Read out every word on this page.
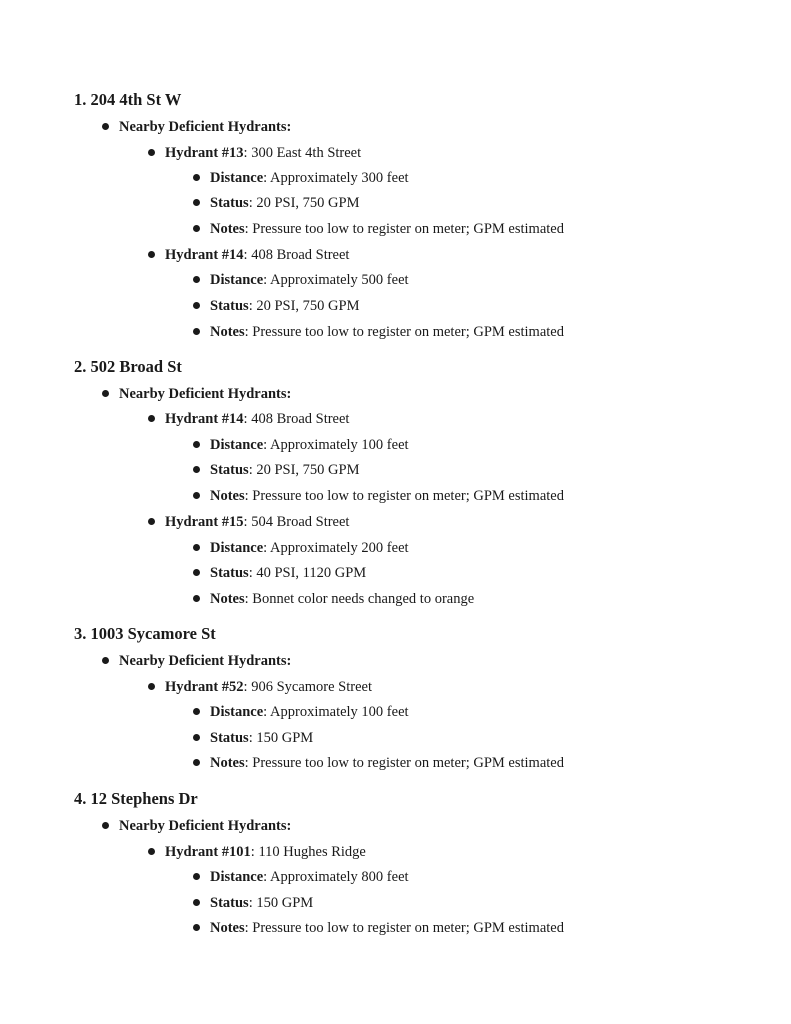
1. 204 4th St W

Nearby Deficient Hydrants:

Hydrant #13: 300 East 4th Street

Distance: Approximately 300 feet

Status: 20 PSI, 750 GPM

Notes: Pressure too low to register on meter; GPM estimated

Hydrant #14: 408 Broad Street

Distance: Approximately 500 feet

Status: 20 PSI, 750 GPM

Notes: Pressure too low to register on meter; GPM estimated

2. 502 Broad St

Nearby Deficient Hydrants:

Hydrant #14: 408 Broad Street

Distance: Approximately 100 feet

Status: 20 PSI, 750 GPM

Notes: Pressure too low to register on meter; GPM estimated

Hydrant #15: 504 Broad Street

Distance: Approximately 200 feet

Status: 40 PSI, 1120 GPM

Notes: Bonnet color needs changed to orange

3. 1003 Sycamore St

Nearby Deficient Hydrants:

Hydrant #52: 906 Sycamore Street

Distance: Approximately 100 feet

Status: 150 GPM

Notes: Pressure too low to register on meter; GPM estimated

4. 12 Stephens Dr

Nearby Deficient Hydrants:

Hydrant #101: 110 Hughes Ridge

Distance: Approximately 800 feet

Status: 150 GPM

Notes: Pressure too low to register on meter; GPM estimated
